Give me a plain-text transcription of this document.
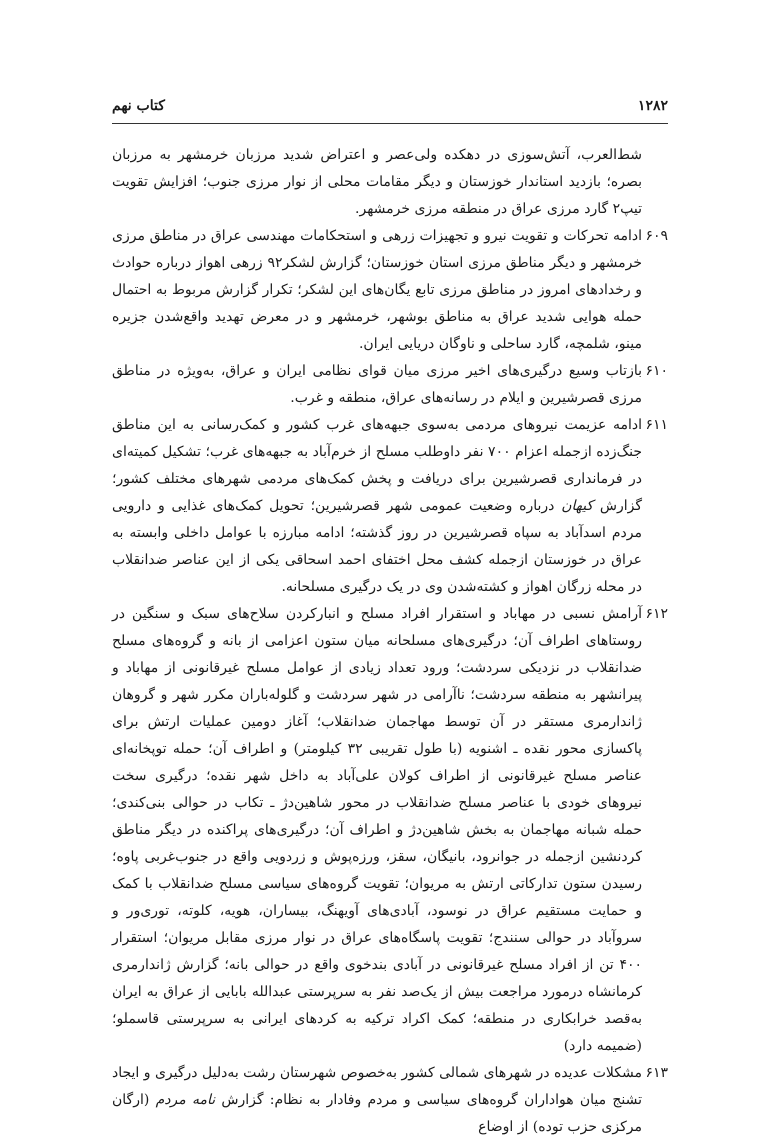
۱۲۸۲
کتاب نهم

شط‌العرب، آتش‌سوزی در دهکده ولی‌عصر و اعتراض شدید مرزبان خرمشهر به مرزبان بصره؛ بازدید استاندار خوزستان و دیگر مقامات محلی از نوار مرزی جنوب؛ افزایش تقویت تیپ۲ گارد مرزی عراق در منطقه مرزی خرمشهر.

۶۰۹
ادامه تحرکات و تقویت نیرو و تجهیزات زرهی و استحکامات مهندسی عراق در مناطق مرزی خرمشهر و دیگر مناطق مرزی استان خوزستان؛ گزارش لشکر۹۲ زرهی اهواز درباره حوادث و رخدادهای امروز در مناطق مرزی تابع یگان‌های این لشکر؛ تکرار گزارش مربوط به احتمال حمله هوایی شدید عراق به مناطق بوشهر، خرمشهر و در معرض تهدید واقع‌شدن جزیره مینو، شلمچه، گارد ساحلی و ناوگان دریایی ایران.
۶۱۰
بازتاب وسیع درگیری‌های اخیر مرزی میان قوای نظامی ایران و عراق، به‌ویژه در مناطق مرزی قصرشیرین و ایلام در رسانه‌های عراق، منطقه و غرب.
۶۱۱
ادامه عزیمت نیروهای مردمی به‌سوی جبهه‌های غرب کشور و کمک‌رسانی به این مناطق جنگ‌زده ازجمله اعزام ۷۰۰ نفر داوطلب مسلح از خرم‌آباد به جبهه‌های غرب؛ تشکیل کمیته‌ای در فرمانداری قصرشیرین برای دریافت و پخش کمک‌های مردمی شهرهای مختلف کشور؛ گزارش کیهان درباره وضعیت عمومی شهر قصرشیرین؛ تحویل کمک‌های غذایی و دارویی مردم اسدآباد به سپاه قصرشیرین در روز گذشته؛ ادامه مبارزه با عوامل داخلی وابسته به عراق در خوزستان ازجمله کشف محل اختفای احمد اسحاقی یکی از این عناصر ضدانقلاب در محله زرگان اهواز و کشته‌شدن وی در یک درگیری مسلحانه.
۶۱۲
آرامش نسبی در مهاباد و استقرار افراد مسلح و انبارکردن سلاح‌های سبک و سنگین در روستاهای اطراف آن؛ درگیری‌های مسلحانه میان ستون اعزامی از بانه و گروه‌های مسلح ضدانقلاب در نزدیکی سردشت؛ ورود تعداد زیادی از عوامل مسلح غیرقانونی از مهاباد و پیرانشهر به منطقه سردشت؛ ناآرامی در شهر سردشت و گلوله‌باران مکرر شهر و گروهان ژاندارمری مستقر در آن توسط مهاجمان ضدانقلاب؛ آغاز دومین عملیات ارتش برای پاکسازی محور نقده ـ اشنویه (با طول تقریبی ۳۲ کیلومتر) و اطراف آن؛ حمله توپخانه‌ای عناصر مسلح غیرقانونی از اطراف کولان علی‌آباد به داخل شهر نقده؛ درگیری سخت نیروهای خودی با عناصر مسلح ضدانقلاب در محور شاهین‌دژ ـ تکاب در حوالی بنی‌کندی؛ حمله شبانه مهاجمان به بخش شاهین‌دژ و اطراف آن؛ درگیری‌های پراکنده در دیگر مناطق کردنشین ازجمله در جوانرود، بانیگان، سقز، ورزه‌پوش و زردویی واقع در جنوب‌غربی پاوه؛ رسیدن ستون تدارکاتی ارتش به مریوان؛ تقویت گروه‌های سیاسی مسلح ضدانقلاب با کمک و حمایت مستقیم عراق در نوسود، آبادی‌های آویهنگ، بیساران، هویه، کلوته، توری‌ور و سروآباد در حوالی سنندج؛ تقویت پاسگاه‌های عراق در نوار مرزی مقابل مریوان؛ استقرار ۴۰۰ تن از افراد مسلح غیرقانونی در آبادی بندخوی واقع در حوالی بانه؛ گزارش ژاندارمری کرمانشاه درمورد مراجعت بیش از یک‌صد نفر به سرپرستی عبدالله بابایی از عراق به ایران به‌قصد خرابکاری در منطقه؛ کمک اکراد ترکیه به کردهای ایرانی به سرپرستی قاسملو؛ (ضمیمه دارد)
۶۱۳
مشکلات عدیده در شهرهای شمالی کشور به‌خصوص شهرستان رشت به‌دلیل درگیری و ایجاد تشنج میان هواداران گروه‌های سیاسی و مردم وفادار به نظام: گزارش نامه مردم (ارگان مرکزی حزب توده) از اوضاع
